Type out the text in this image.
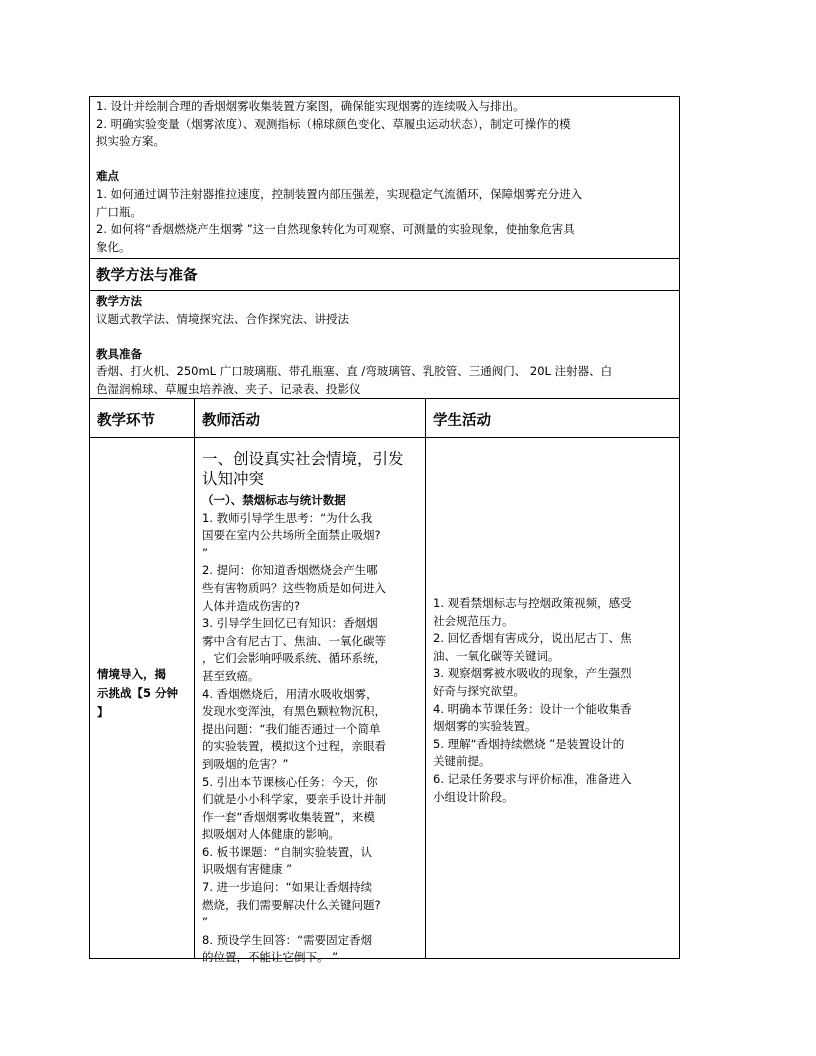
1. 设计并绘制合理的香烟烟雾收集装置方案图，确保能实现烟雾的连续吸入与排出。
2. 明确实验变量（烟雾浓度）、观测指标（棉球颜色变化、草履虫运动状态），制定可操作的模
拟实验方案。
难点
1. 如何通过调节注射器推拉速度，控制装置内部压强差，实现稳定气流循环，保障烟雾充分进入
广口瓶。
2. 如何将“香烟燃烧产生烟雾 ”这一自然现象转化为可观察、可测量的实验现象，使抽象危害具
象化。
教学方法与准备
教学方法
议题式教学法、情境探究法、合作探究法、讲授法
教具准备
香烟、打火机、250mL 广口玻璃瓶、带孔瓶塞、直 /弯玻璃管、乳胶管、三通阀门、 20L 注射器、白
色湿润棉球、草履虫培养液、夹子、记录表、投影仪
教学环节	教师活动	学生活动
情境导入，揭
示挑战【5 分钟
】
一、创设真实社会情境，引发
认知冲突
（一）、禁烟标志与统计数据
1. 教师引导学生思考：“为什么我
国要在室内公共场所全面禁止吸烟?
”
2. 提问：你知道香烟燃烧会产生哪
些有害物质吗？这些物质是如何进入
人体并造成伤害的?
3. 引导学生回忆已有知识：香烟烟
雾中含有尼古丁、焦油、一氧化碳等
，它们会影响呼吸系统、循环系统，
甚至致癌。
4. 香烟燃烧后，用清水吸收烟雾，
发现水变浑浊，有黑色颗粒物沉积，
提出问题：“我们能否通过一个简单
的实验装置，模拟这个过程，亲眼看
到吸烟的危害？”
5. 引出本节课核心任务：今天，你
们就是小小科学家，要亲手设计并制
作一套“香烟烟雾收集装置”，来模
拟吸烟对人体健康的影响。
6. 板书课题：“自制实验装置，认
识吸烟有害健康 ”
7. 进一步追问：“如果让香烟持续
燃烧，我们需要解决什么关键问题?
”
8. 预设学生回答：“需要固定香烟
的位置，不能让它倒下。 ”
1. 观看禁烟标志与控烟政策视频，感受
社会规范压力。
2. 回忆香烟有害成分，说出尼古丁、焦
油、一氧化碳等关键词。
3. 观察烟雾被水吸收的现象，产生强烈
好奇与探究欲望。
4. 明确本节课任务：设计一个能收集香
烟烟雾的实验装置。
5. 理解“香烟持续燃烧 ”是装置设计的
关键前提。
6. 记录任务要求与评价标准，准备进入
小组设计阶段。
